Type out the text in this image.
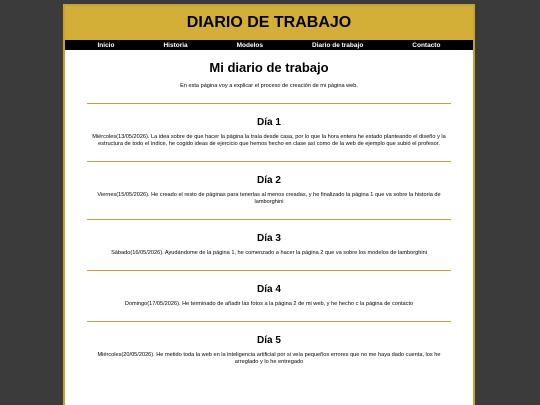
DIARIO DE TRABAJO
Inicio	Historia	Modelos	Diario de trabajo	Contacto
Mi diario de trabajo

En esta página voy a explicar el proceso de creación de mi página web.

Día 1

Miércoles(13/05/2026). La idea sobre de que hacer la página la traía desde casa, por lo que la hora entera he estado planteando el diseño y la estructura de todo el índice, he cogido ideas de ejercicio que hemos hecho en clase así como de la web de ejemplo que subió el profesor.

Día 2

Viernes(15/05/2026). He creado el resto de páginas para tenerlas al menos creadas, y he finalizado la página 1 que va sobre la historia de lamborghini

Día 3

Sábado(16/05/2026). Ayudándome de la página 1, he comenzado a hacer la página 2 que va sobre los modelos de lamborghini

Día 4

Domingo(17/05/2026). He terminado de añadir las fotos a la página 2 de mi web, y he hecho c la página de contacto

Día 5

Miércoles(20/05/2026). He metido toda la web en la inteligencia artificial por si veía pequeños errores que no me haya dado cuenta, los he arreglado y lo he entregado
